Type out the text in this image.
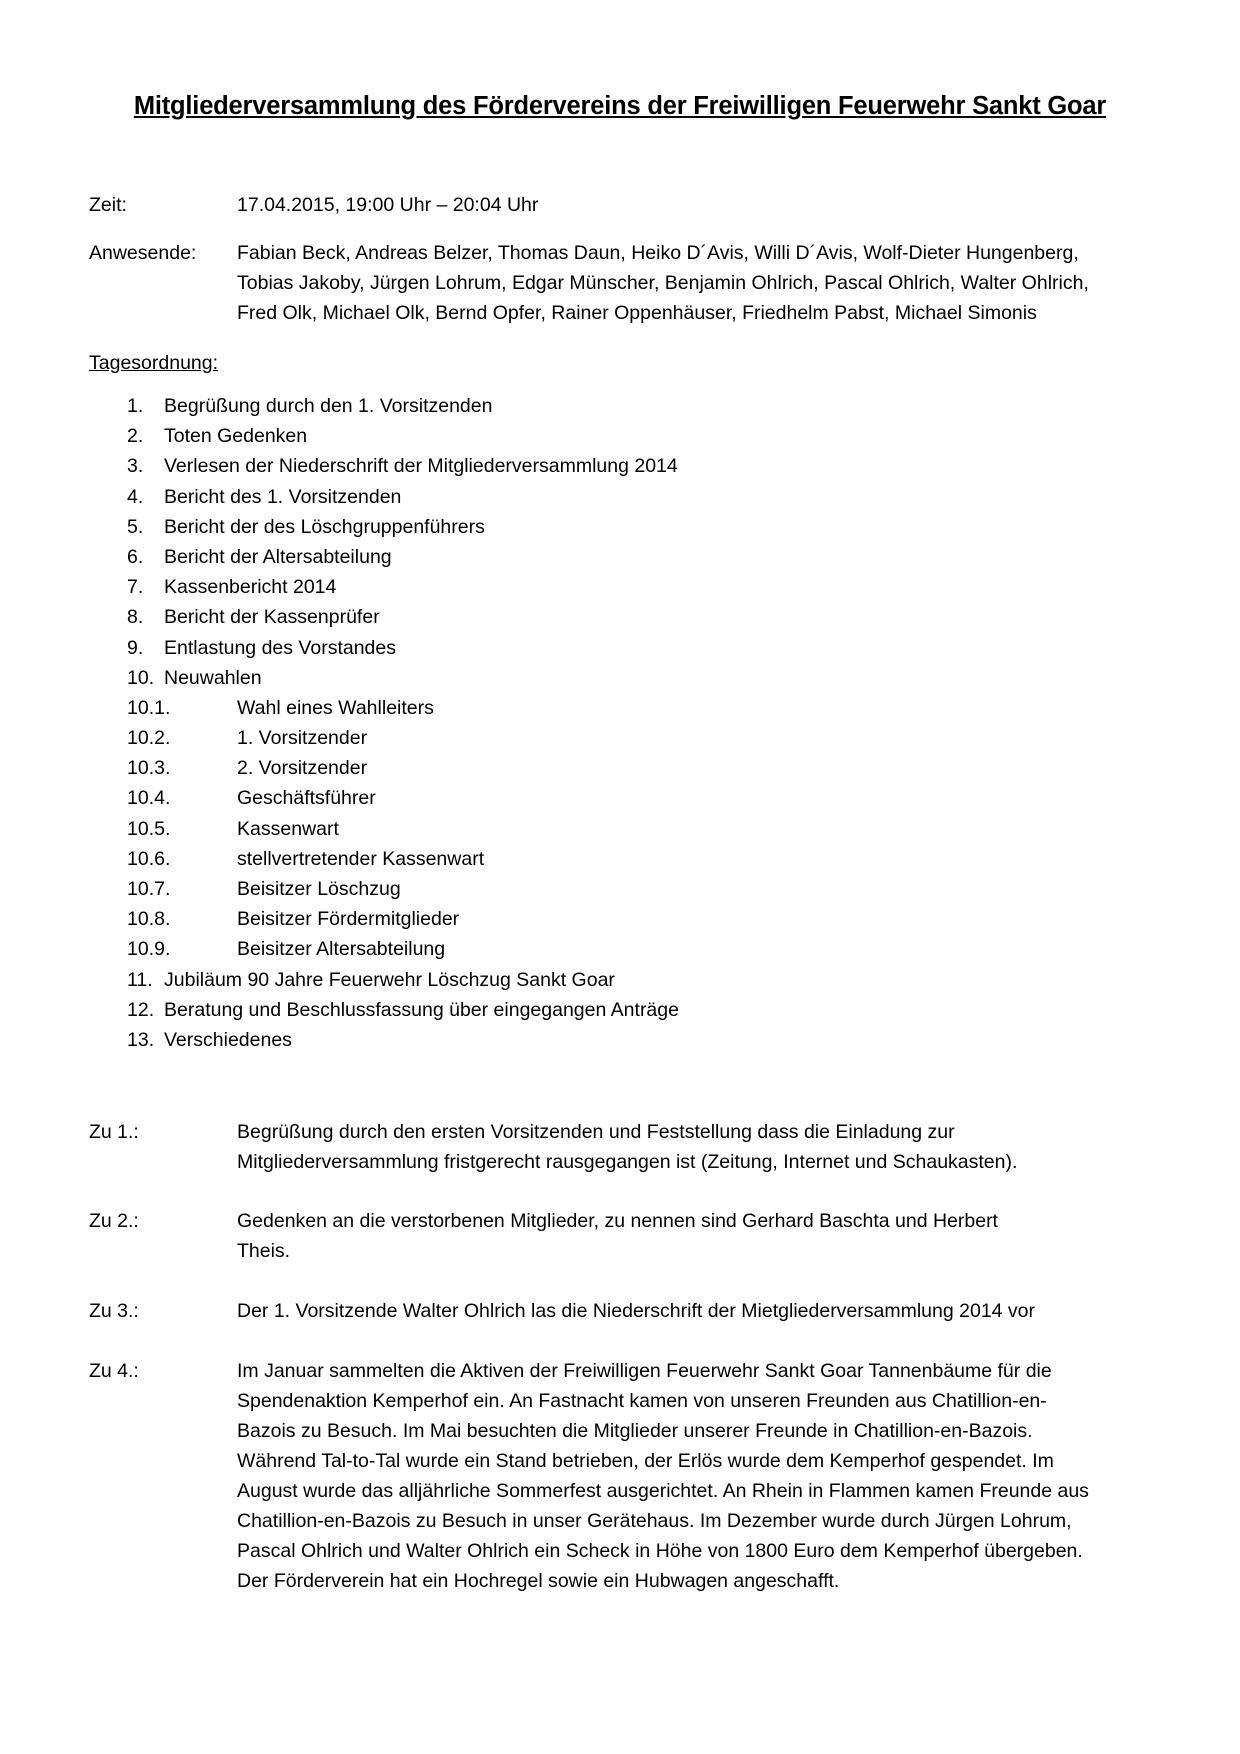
Mitgliederversammlung des Fördervereins der Freiwilligen Feuerwehr Sankt Goar
Zeit:	17.04.2015, 19:00 Uhr – 20:04 Uhr
Anwesende: Fabian Beck, Andreas Belzer, Thomas Daun, Heiko D´Avis, Willi D´Avis, Wolf-Dieter Hungenberg,
Tobias Jakoby, Jürgen Lohrum, Edgar Münscher, Benjamin Ohlrich, Pascal Ohlrich, Walter Ohlrich,
Fred Olk, Michael Olk, Bernd Opfer, Rainer Oppenhäuser, Friedhelm Pabst, Michael Simonis
Tagesordnung:
1. Begrüßung durch den 1. Vorsitzenden
2. Toten Gedenken
3. Verlesen der Niederschrift der Mitgliederversammlung 2014
4. Bericht des 1. Vorsitzenden
5. Bericht der des Löschgruppenführers
6. Bericht der Altersabteilung
7. Kassenbericht 2014
8. Bericht der Kassenprüfer
9. Entlastung des Vorstandes
10. Neuwahlen
10.1.	Wahl eines Wahlleiters
10.2.	1. Vorsitzender
10.3.	2. Vorsitzender
10.4.	Geschäftsführer
10.5.	Kassenwart
10.6.	stellvertretender Kassenwart
10.7.	Beisitzer Löschzug
10.8.	Beisitzer Fördermitglieder
10.9.	Beisitzer Altersabteilung
11. Jubiläum 90 Jahre Feuerwehr Löschzug Sankt Goar
12. Beratung und Beschlussfassung über eingegangen Anträge
13. Verschiedenes
Zu 1.:	Begrüßung durch den ersten Vorsitzenden und Feststellung dass die Einladung zur
Mitgliederversammlung fristgerecht rausgegangen ist (Zeitung, Internet und Schaukasten).
Zu 2.:	Gedenken an die verstorbenen Mitglieder, zu nennen sind Gerhard Baschta und Herbert
Theis.
Zu 3.:	Der 1. Vorsitzende Walter Ohlrich las die Niederschrift der Mietgliederversammlung 2014 vor
Zu 4.:	Im Januar sammelten die Aktiven der Freiwilligen Feuerwehr Sankt Goar Tannenbäume für die
Spendenaktion Kemperhof ein. An Fastnacht kamen von unseren Freunden aus Chatillion-en-
Bazois zu Besuch. Im Mai besuchten die Mitglieder unserer Freunde in Chatillion-en-Bazois.
Während Tal-to-Tal wurde ein Stand betrieben, der Erlös wurde dem Kemperhof gespendet. Im
August wurde das alljährliche Sommerfest ausgerichtet. An Rhein in Flammen kamen Freunde aus
Chatillion-en-Bazois zu Besuch in unser Gerätehaus. Im Dezember wurde durch Jürgen Lohrum,
Pascal Ohlrich und Walter Ohlrich ein Scheck in Höhe von 1800 Euro dem Kemperhof übergeben.
Der Förderverein hat ein Hochregel sowie ein Hubwagen angeschafft.
